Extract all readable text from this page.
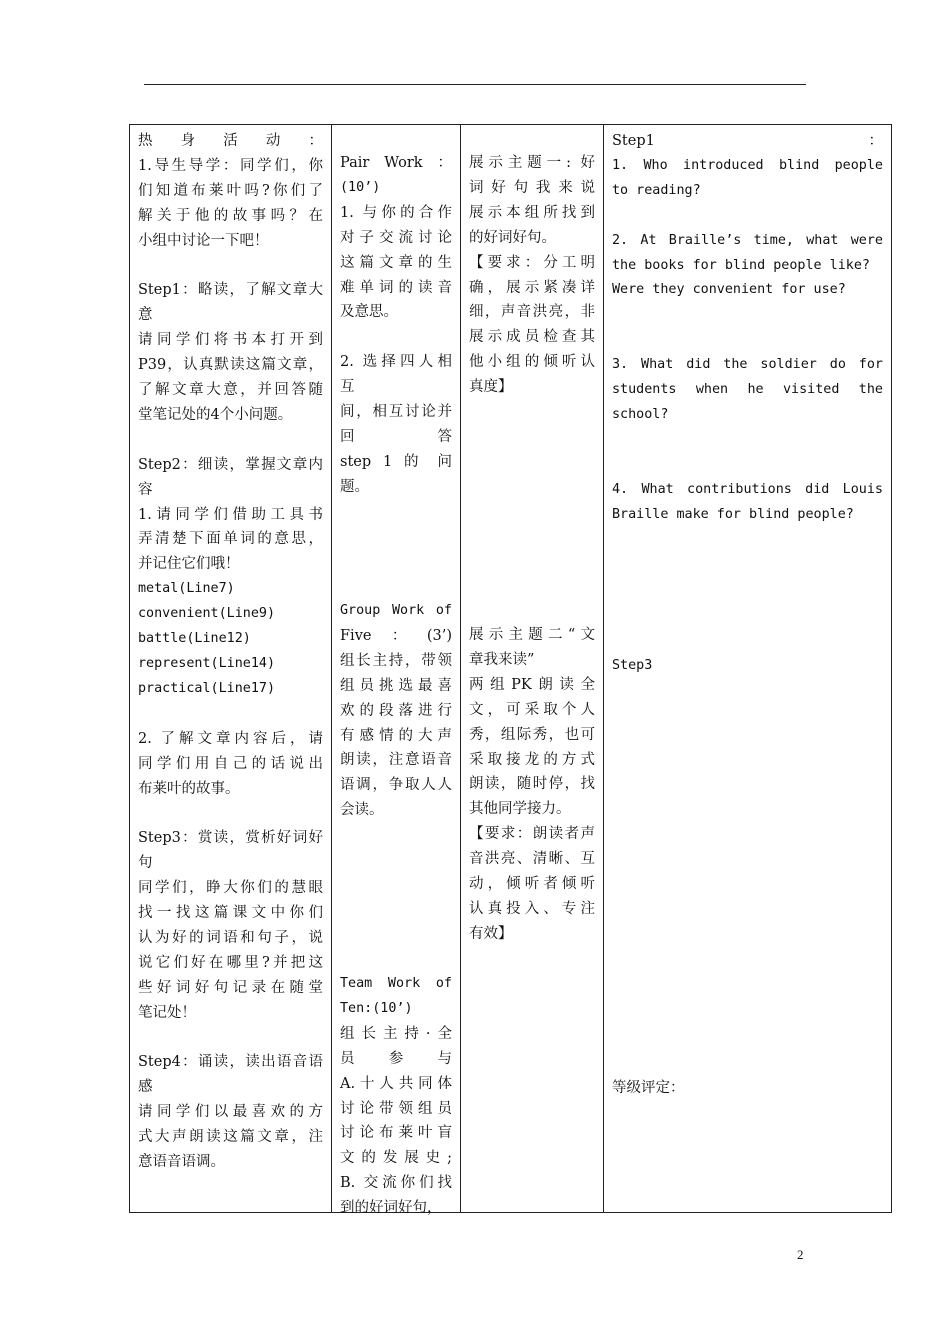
热身活动：
1.导生导学：同学们，你
们知道布莱叶吗?你们了
解关于他的故事吗？在
小组中讨论一下吧！
Step1：略读，了解文章大
意
请同学们将书本打开到
P39，认真默读这篇文章，
了解文章大意，并回答随
堂笔记处的4个小问题。
Step2：细读，掌握文章内
容
1.请同学们借助工具书
弄清楚下面单词的意思，
并记住它们哦！
metal(Line7)
convenient(Line9)
battle(Line12)
represent(Line14)
practical(Line17)
2. 了解文章内容后，请
同学们用自己的话说出
布莱叶的故事。
Step3：赏读，赏析好词好
句
同学们，睁大你们的慧眼
找一找这篇课文中你们
认为好的词语和句子，说
说它们好在哪里?并把这
些好词好句记录在随堂
笔记处！
Step4：诵读，读出语音语
感
请同学们以最喜欢的方
式大声朗读这篇文章，注
意语音语调。

Pair Work ：
(10’)
1. 与你的合作
对子交流讨论
这篇文章的生
难单词的读音
及意思。
2. 选择四人相
互
间，相互讨论并
回答
step 1 的 问
题。
Group Work of
Five：(3’)
组长主持，带领
组员挑选最喜
欢的段落进行
有感情的大声
朗读，注意语音
语调，争取人人
会读。
Team Work of
Ten:(10’)
组长主持·全
员参与
A.十人共同体
讨论带领组员
讨论布莱叶盲
文的发展史;
B. 交流你们找
到的好词好句，

展示主题一: 好
词好句我来说
展示本组所找到
的好词好句。
【要求：分工明
确，展示紧凑详
细，声音洪亮，非
展示成员检查其
他小组的倾听认
真度】
展示主题二“文
章我来读”
两组PK朗读全
文，可采取个人
秀，组际秀，也可
采取接龙的方式
朗读，随时停，找
其他同学接力。
【要求：朗读者声
音洪亮、清晰、互
动，倾听者倾听
认真投入、专注
有效】

Step1：
1. Who introduced blind people
to reading?
2. At Braille’s time, what were
the books for blind people like?
Were they convenient for use?
3. What did the soldier do for
students when he visited the
school?
4. What contributions did Louis
Braille make for blind people?
Step3
等级评定：
2
